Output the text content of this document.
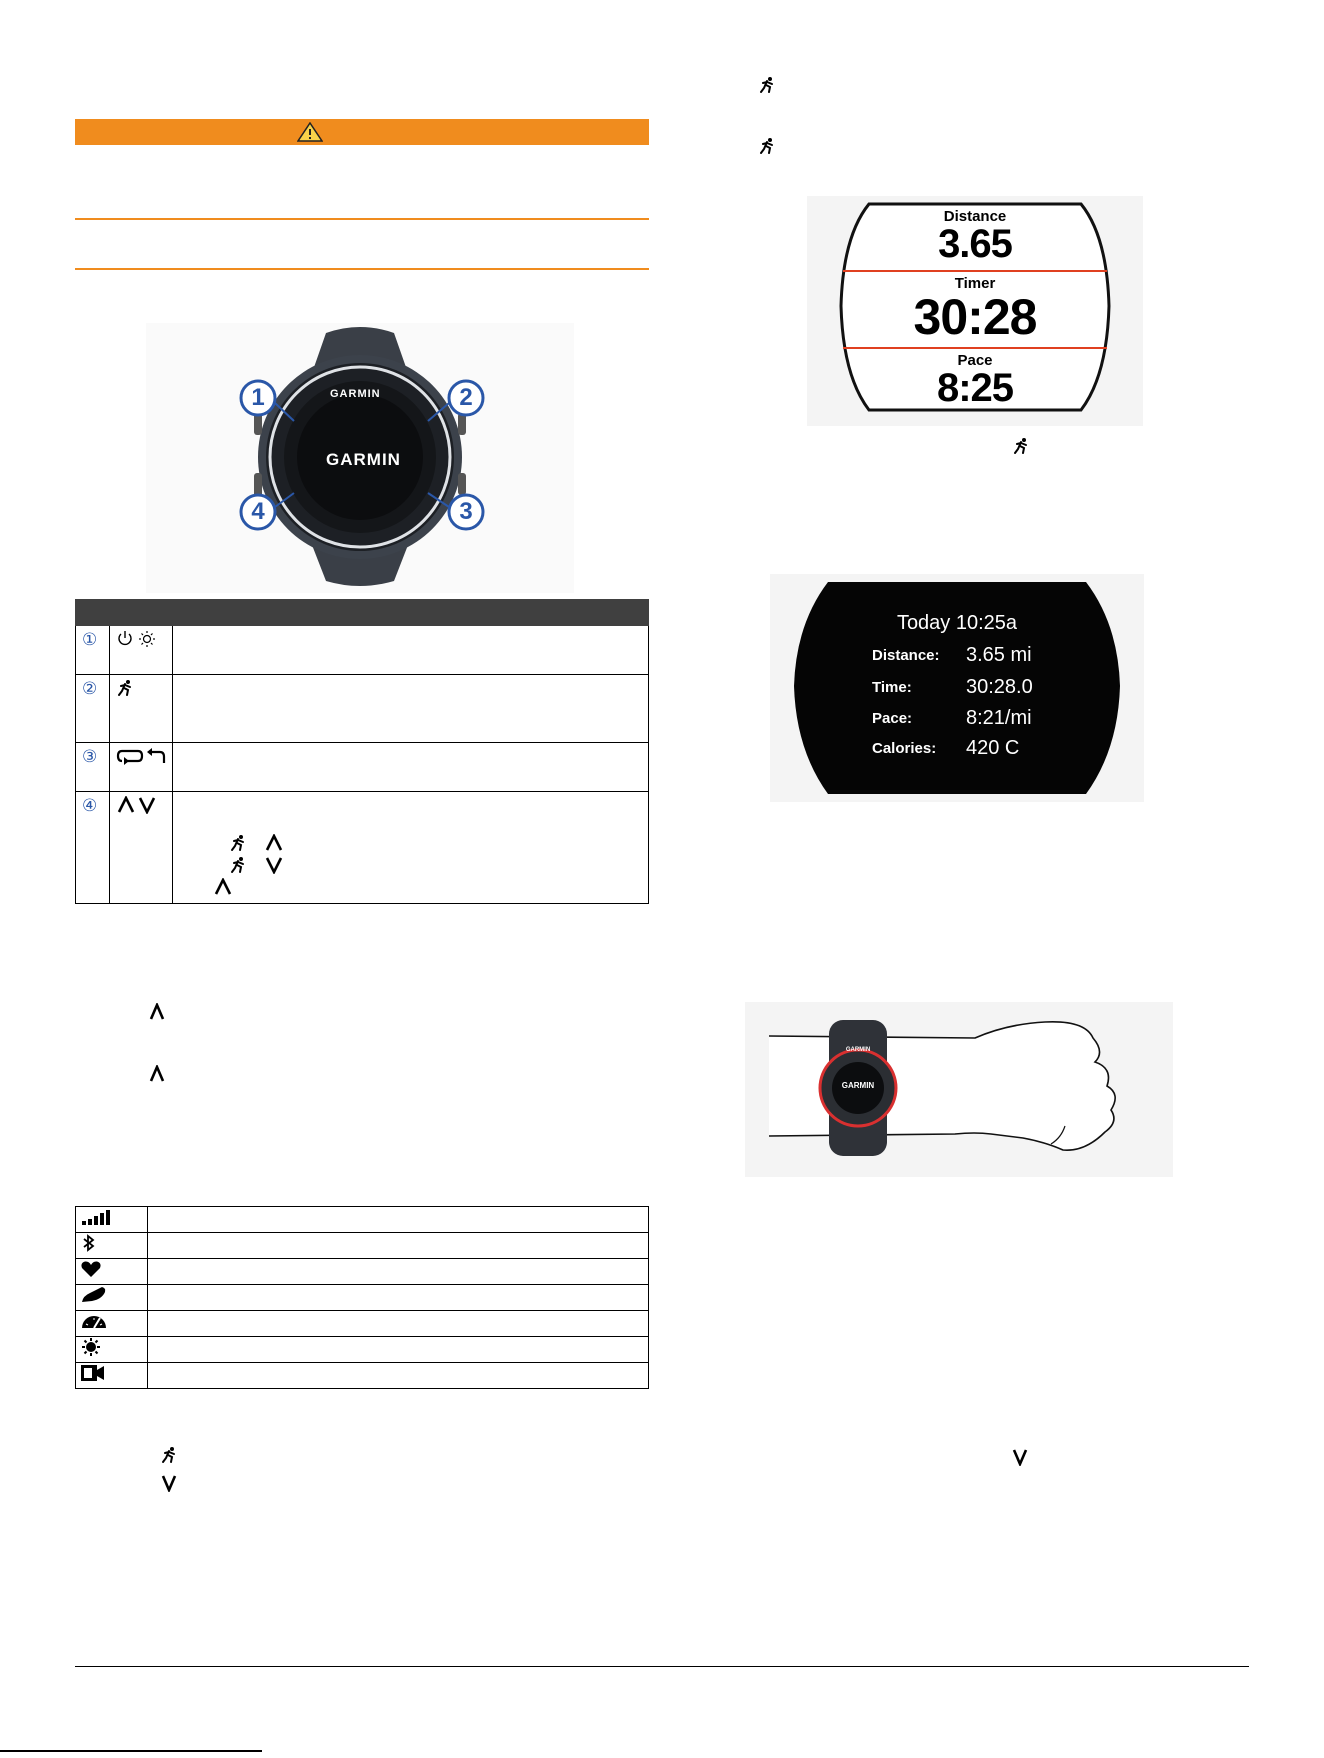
1	2
3
4
GARMIN
GARMIN

①		
②		
③		
④		

Distance
3.65
Timer
30:28
Pace
8:25
Today 10:25a
Distance: 3.65 mi
Time:	30:28.0
Pace:	8:21/mi
Calories: 420 C
GARMIN
GARMIN
